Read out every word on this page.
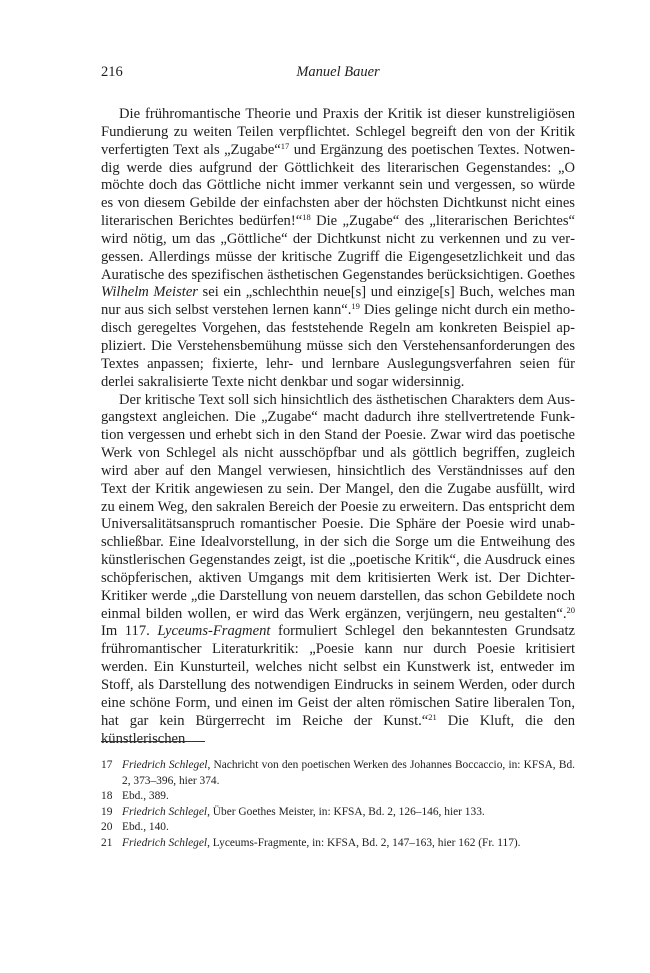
216	Manuel Bauer

Die frühromantische Theorie und Praxis der Kritik ist dieser kunstreligiösen Fundierung zu weiten Teilen verpflichtet. Schlegel begreift den von der Kritik verfertigten Text als „Zugabe“$^{17}$ und Ergänzung des poetischen Textes. Notwendig werde dies aufgrund der Göttlichkeit des literarischen Gegenstandes: „O möchte doch das Göttliche nicht immer verkannt sein und vergessen, so würde es von diesem Gebilde der einfachsten aber der höchsten Dichtkunst nicht eines literarischen Berichtes bedürfen!“$^{18}$ Die „Zugabe“ des „literarischen Berichtes“ wird nötig, um das „Göttliche“ der Dichtkunst nicht zu verkennen und zu vergessen. Allerdings müsse der kritische Zugriff die Eigengesetzlichkeit und das Auratische des spezifischen ästhetischen Gegenstandes berücksichtigen. Goethes Wilhelm Meister sei ein „schlechthin neue[s] und einzige[s] Buch, welches man nur aus sich selbst verstehen lernen kann“.$^{19}$ Dies gelinge nicht durch ein methodisch geregeltes Vorgehen, das feststehende Regeln am konkreten Beispiel appliziert. Die Verstehensbemühung müsse sich den Verstehensanforderungen des Textes anpassen; fixierte, lehr- und lernbare Auslegungsverfahren seien für derlei sakralisierte Texte nicht denkbar und sogar widersinnig.

Der kritische Text soll sich hinsichtlich des ästhetischen Charakters dem Ausgangstext angleichen. Die „Zugabe“ macht dadurch ihre stellvertretende Funktion vergessen und erhebt sich in den Stand der Poesie. Zwar wird das poetische Werk von Schlegel als nicht ausschöpfbar und als göttlich begriffen, zugleich wird aber auf den Mangel verwiesen, hinsichtlich des Verständnisses auf den Text der Kritik angewiesen zu sein. Der Mangel, den die Zugabe ausfüllt, wird zu einem Weg, den sakralen Bereich der Poesie zu erweitern. Das entspricht dem Universalitätsanspruch romantischer Poesie. Die Sphäre der Poesie wird unabschließbar. Eine Idealvorstellung, in der sich die Sorge um die Entweihung des künstlerischen Gegenstandes zeigt, ist die „poetische Kritik“, die Ausdruck eines schöpferischen, aktiven Umgangs mit dem kritisierten Werk ist. Der Dichter-Kritiker werde „die Darstellung von neuem darstellen, das schon Gebildete noch einmal bilden wollen, er wird das Werk ergänzen, verjüngern, neu gestalten“.$^{20}$ Im 117. Lyceums-Fragment formuliert Schlegel den bekanntesten Grundsatz frühromantischer Literaturkritik: „Poesie kann nur durch Poesie kritisiert werden. Ein Kunsturteil, welches nicht selbst ein Kunstwerk ist, entweder im Stoff, als Darstellung des notwendigen Eindrucks in seinem Werden, oder durch eine schöne Form, und einen im Geist der alten römischen Satire liberalen Ton, hat gar kein Bürgerrecht im Reiche der Kunst.“$^{21}$ Die Kluft, die den künstlerischen

17 Friedrich Schlegel, Nachricht von den poetischen Werken des Johannes Boccaccio, in: KFSA, Bd. 2, 373–396, hier 374.
18 Ebd., 389.
19 Friedrich Schlegel, Über Goethes Meister, in: KFSA, Bd. 2, 126–146, hier 133.
20 Ebd., 140.
21 Friedrich Schlegel, Lyceums-Fragmente, in: KFSA, Bd. 2, 147–163, hier 162 (Fr. 117).
